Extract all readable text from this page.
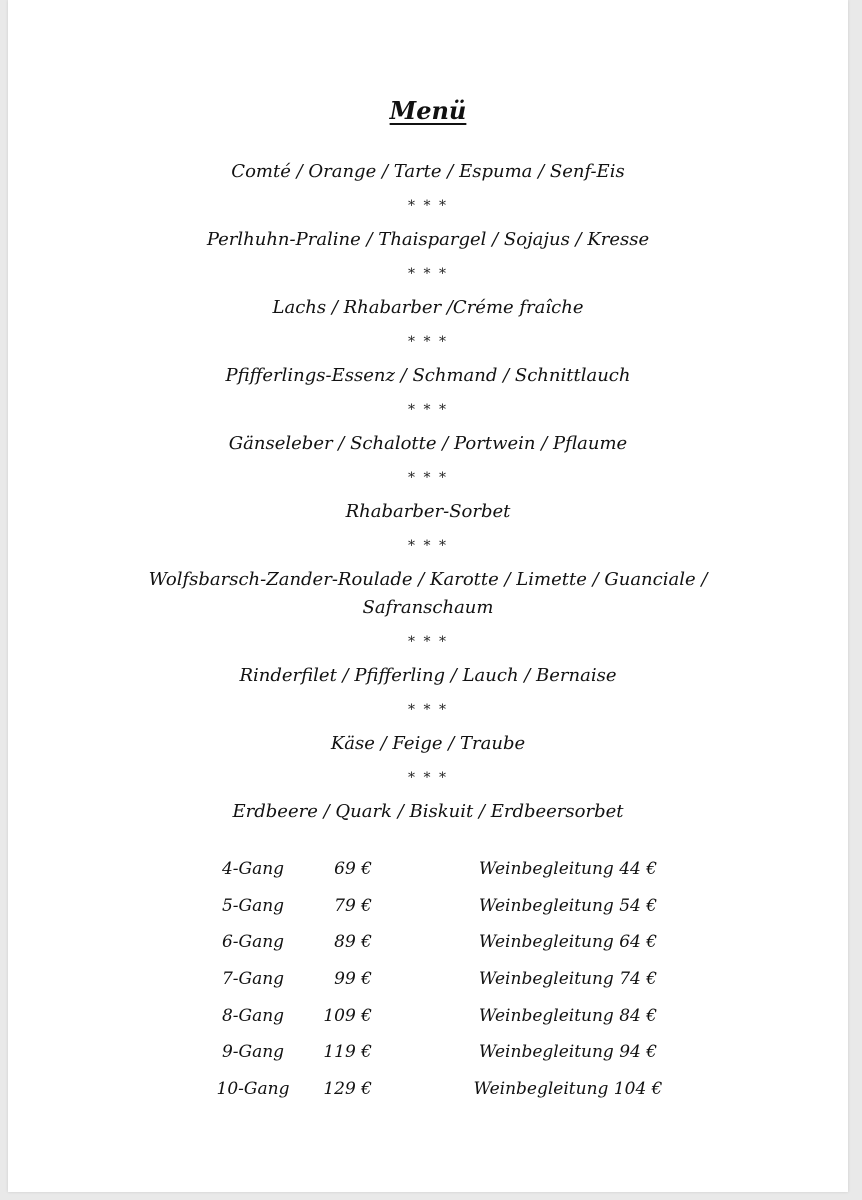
Menü
Comté / Orange / Tarte / Espuma / Senf-Eis
* * *
Perlhuhn-Praline / Thaispargel / Sojajus / Kresse
* * *
Lachs / Rhabarber /Créme fraîche
* * *
Pfifferlings-Essenz / Schmand / Schnittlauch
* * *
Gänseleber / Schalotte / Portwein / Pflaume
* * *
Rhabarber-Sorbet
* * *
Wolfsbarsch-Zander-Roulade / Karotte / Limette / Guanciale / Safranschaum
* * *
Rinderfilet / Pfifferling / Lauch / Bernaise
* * *
Käse / Feige / Traube
* * *
Erdbeere / Quark / Biskuit / Erdbeersorbet
4-Gang	69 €	Weinbegleitung 44 €
5-Gang	79 €	Weinbegleitung 54 €
6-Gang	89 €	Weinbegleitung 64 €
7-Gang	99 €	Weinbegleitung 74 €
8-Gang	109 €	Weinbegleitung 84 €
9-Gang	119 €	Weinbegleitung 94 €
10-Gang	129 €	Weinbegleitung 104 €
